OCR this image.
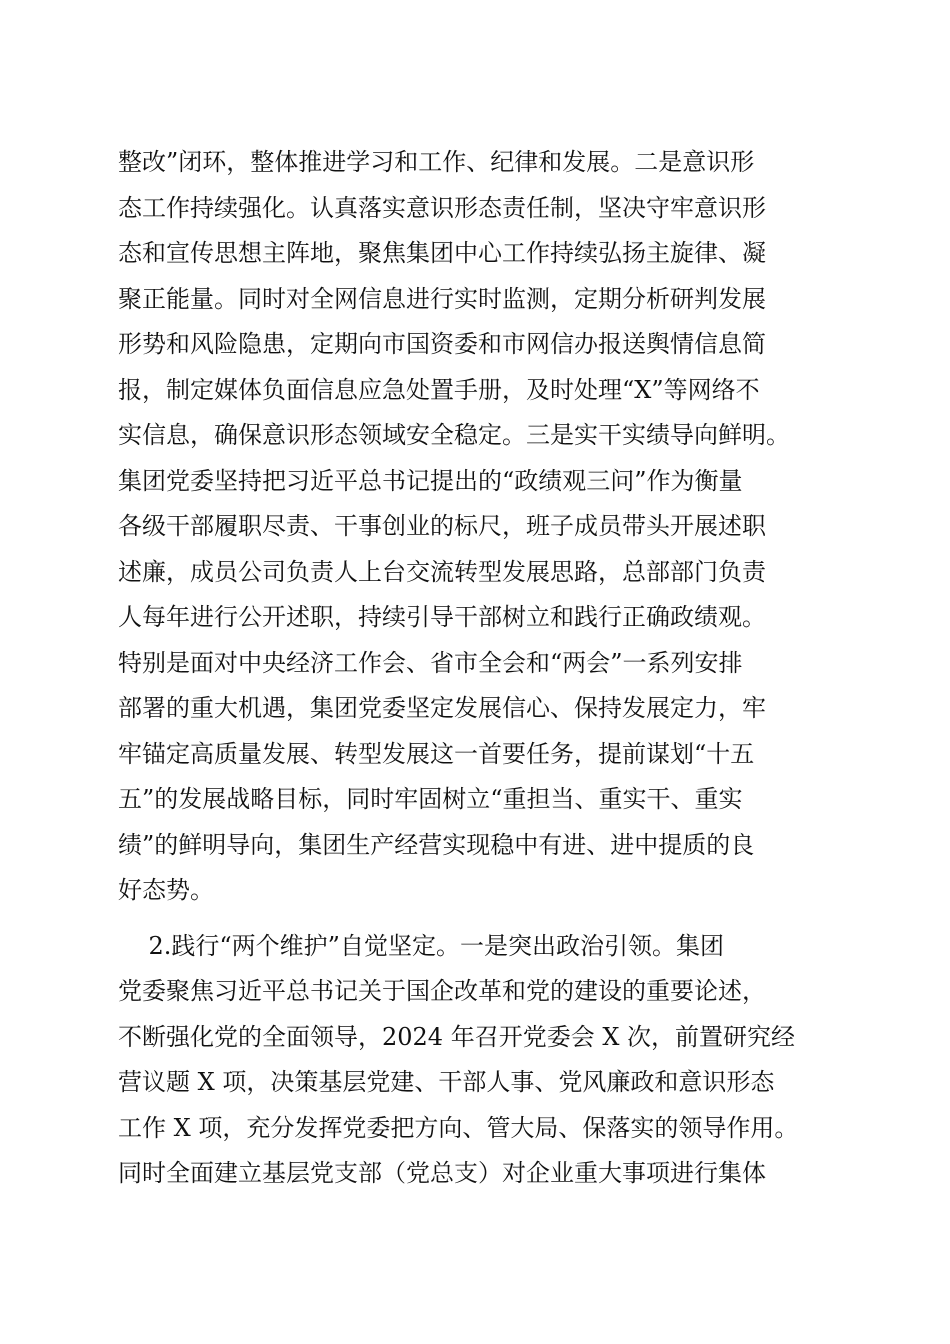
整改”闭环，整体推进学习和工作、纪律和发展。二是意识形
态工作持续强化。认真落实意识形态责任制，坚决守牢意识形
态和宣传思想主阵地，聚焦集团中心工作持续弘扬主旋律、凝
聚正能量。同时对全网信息进行实时监测，定期分析研判发展
形势和风险隐患，定期向市国资委和市网信办报送舆情信息简
报，制定媒体负面信息应急处置手册，及时处理“X”等网络不
实信息，确保意识形态领域安全稳定。三是实干实绩导向鲜明。
集团党委坚持把习近平总书记提出的“政绩观三问”作为衡量
各级干部履职尽责、干事创业的标尺，班子成员带头开展述职
述廉，成员公司负责人上台交流转型发展思路，总部部门负责
人每年进行公开述职，持续引导干部树立和践行正确政绩观。
特别是面对中央经济工作会、省市全会和“两会”一系列安排
部署的重大机遇，集团党委坚定发展信心、保持发展定力，牢
牢锚定高质量发展、转型发展这一首要任务，提前谋划“十五
五”的发展战略目标，同时牢固树立“重担当、重实干、重实
绩”的鲜明导向，集团生产经营实现稳中有进、进中提质的良
好态势。
2.践行“两个维护”自觉坚定。一是突出政治引领。集团
党委聚焦习近平总书记关于国企改革和党的建设的重要论述，
不断强化党的全面领导，2024 年召开党委会 X 次，前置研究经
营议题 X 项，决策基层党建、干部人事、党风廉政和意识形态
工作 X 项，充分发挥党委把方向、管大局、保落实的领导作用。
同时全面建立基层党支部（党总支）对企业重大事项进行集体
